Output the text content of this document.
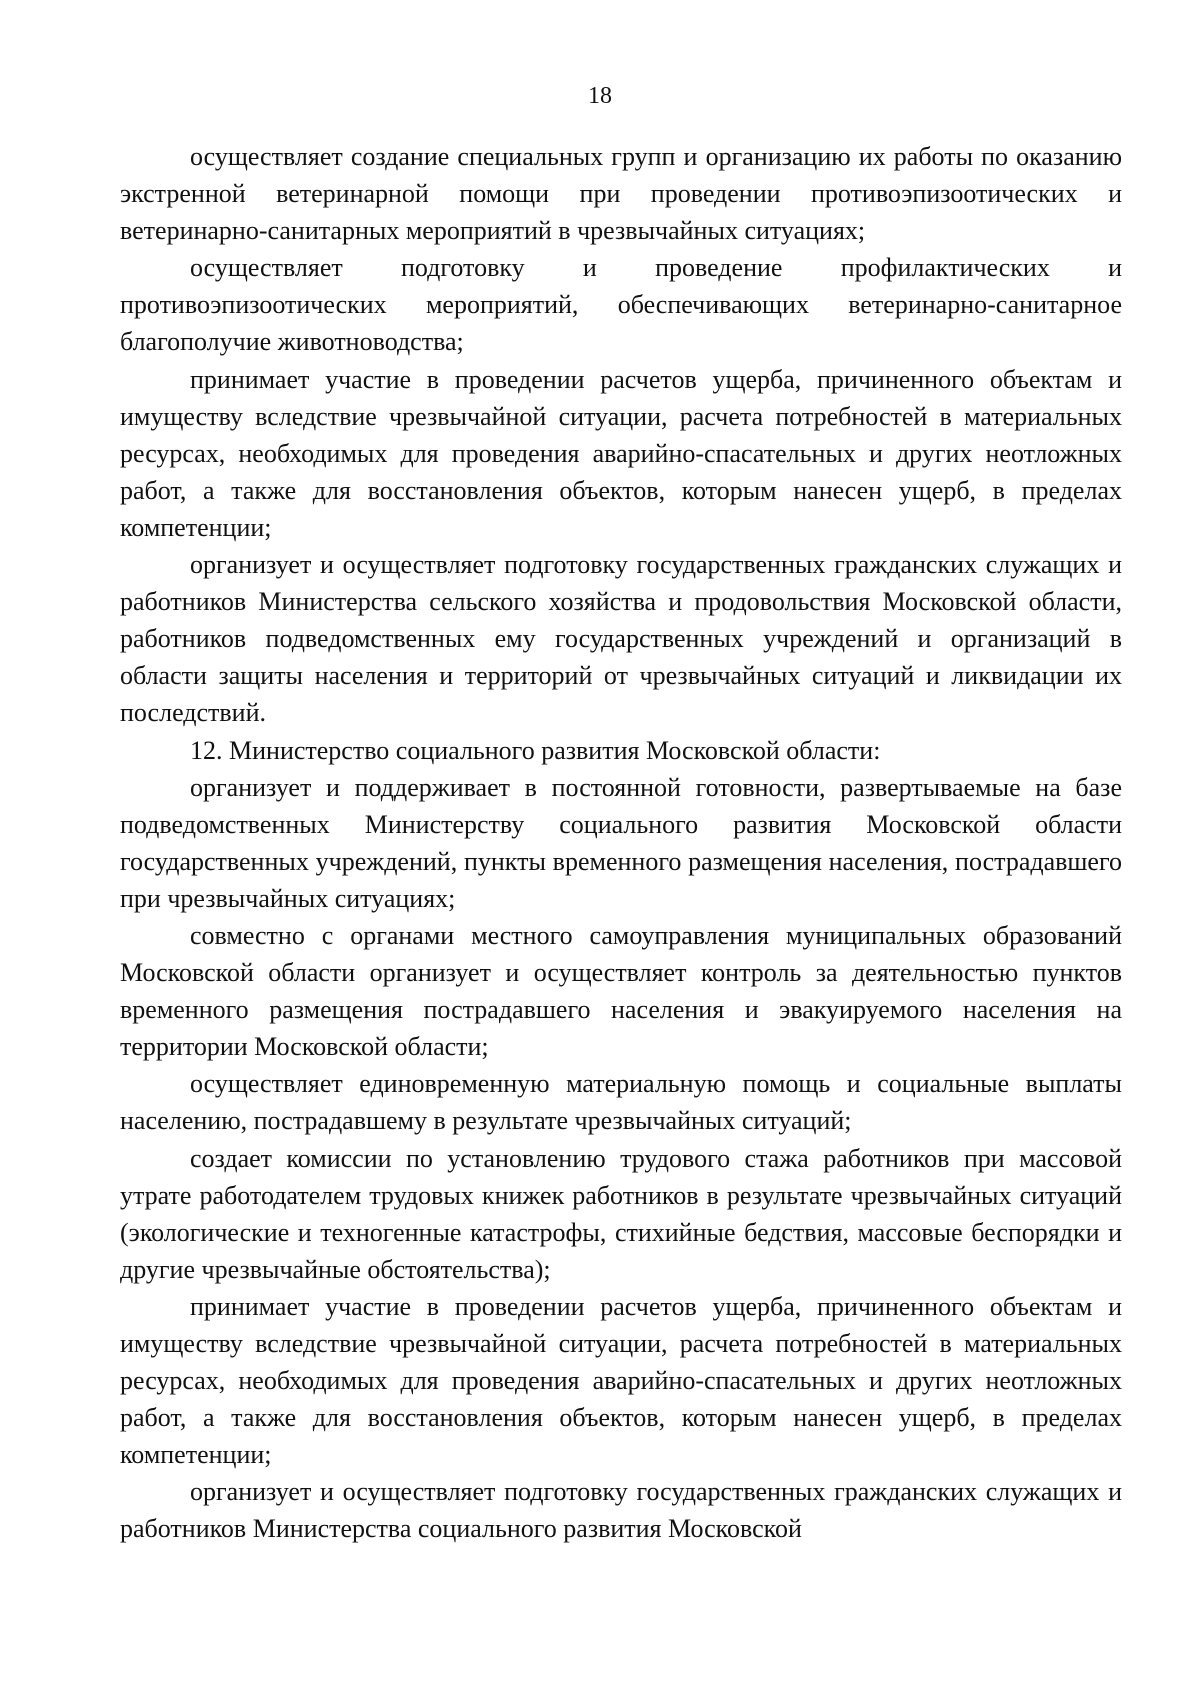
18

осуществляет создание специальных групп и организацию их работы по оказанию экстренной ветеринарной помощи при проведении противоэпизоотических и ветеринарно-санитарных мероприятий в чрезвычайных ситуациях;

осуществляет подготовку и проведение профилактических и противоэпизоотических мероприятий, обеспечивающих ветеринарно-санитарное благополучие животноводства;

принимает участие в проведении расчетов ущерба, причиненного объектам и имуществу вследствие чрезвычайной ситуации, расчета потребностей в материальных ресурсах, необходимых для проведения аварийно-спасательных и других неотложных работ, а также для восстановления объектов, которым нанесен ущерб, в пределах компетенции;

организует и осуществляет подготовку государственных гражданских служащих и работников Министерства сельского хозяйства и продовольствия Московской области, работников подведомственных ему государственных учреждений и организаций в области защиты населения и территорий от чрезвычайных ситуаций и ликвидации их последствий.

12. Министерство социального развития Московской области:

организует и поддерживает в постоянной готовности, развертываемые на базе подведомственных Министерству социального развития Московской области государственных учреждений, пункты временного размещения населения, пострадавшего при чрезвычайных ситуациях;

совместно с органами местного самоуправления муниципальных образований Московской области организует и осуществляет контроль за деятельностью пунктов временного размещения пострадавшего населения и эвакуируемого населения на территории Московской области;

осуществляет единовременную материальную помощь и социальные выплаты населению, пострадавшему в результате чрезвычайных ситуаций;

создает комиссии по установлению трудового стажа работников при массовой утрате работодателем трудовых книжек работников в результате чрезвычайных ситуаций (экологические и техногенные катастрофы, стихийные бедствия, массовые беспорядки и другие чрезвычайные обстоятельства);

принимает участие в проведении расчетов ущерба, причиненного объектам и имуществу вследствие чрезвычайной ситуации, расчета потребностей в материальных ресурсах, необходимых для проведения аварийно-спасательных и других неотложных работ, а также для восстановления объектов, которым нанесен ущерб, в пределах компетенции;

организует и осуществляет подготовку государственных гражданских служащих и работников Министерства социального развития Московской
